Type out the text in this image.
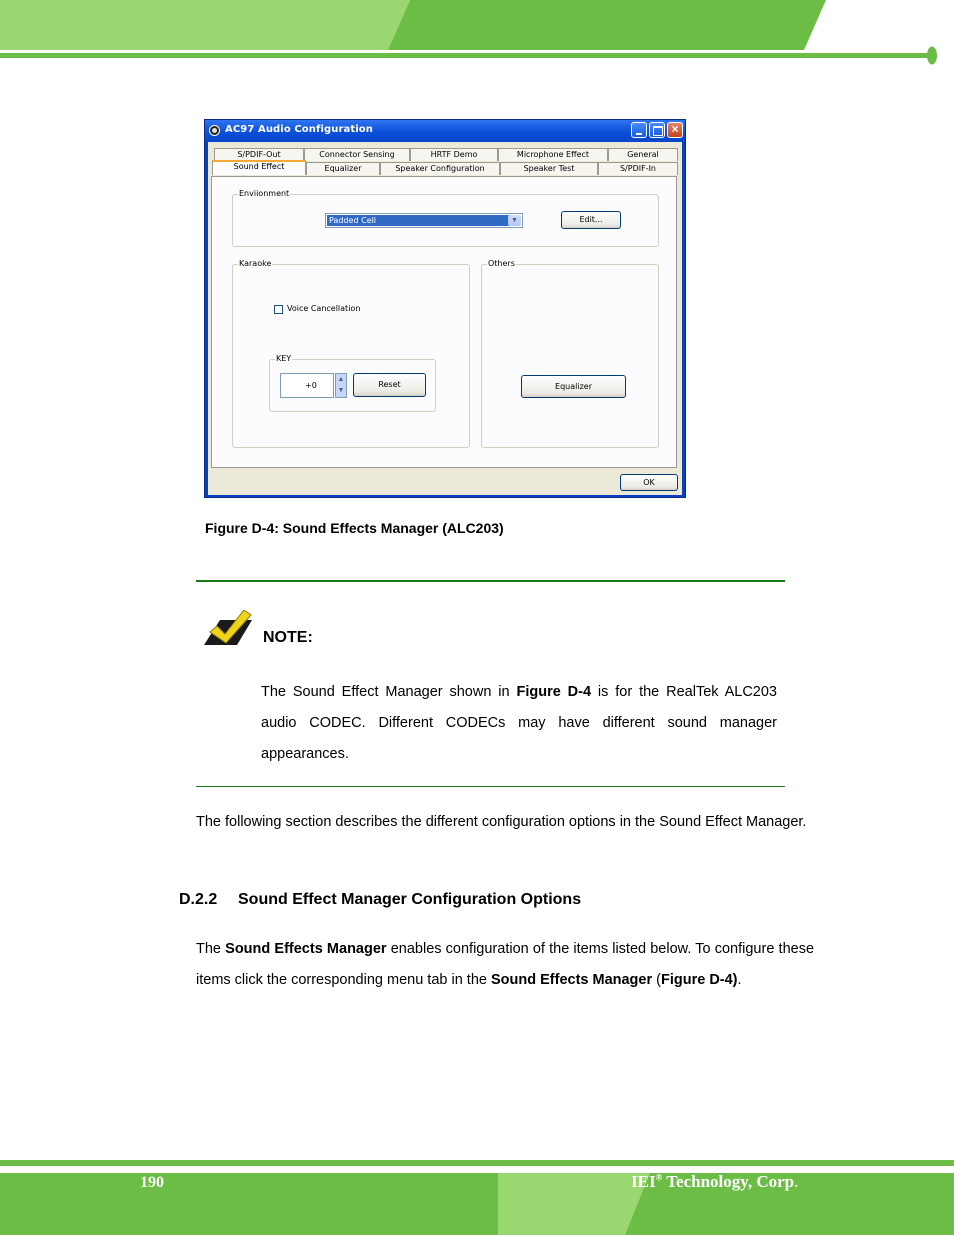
AC97 Audio Configuration	×
S/PDIF-Out	Connector Sensing	HRTF Demo	Microphone Effect	General
Sound Effect	Equalizer	Speaker Configuration	Speaker Test	S/PDIF-In
Enviionment
Padded Cell	▼	Edit...
Karaoke
Voice Cancellation
KEY
+0
▲
▼
Reset
Others
Equalizer
OK
Figure D-4: Sound Effects Manager (ALC203)
NOTE:
The Sound Effect Manager shown in Figure D-4 is for the RealTek ALC203 audio CODEC. Different CODECs may have different sound manager appearances.
The following section describes the different configuration options in the Sound Effect Manager.
D.2.2 Sound Effect Manager Configuration Options
The Sound Effects Manager enables configuration of the items listed below. To configure these items click the corresponding menu tab in the Sound Effects Manager (Figure D-4).
190	IEI® Technology, Corp.
